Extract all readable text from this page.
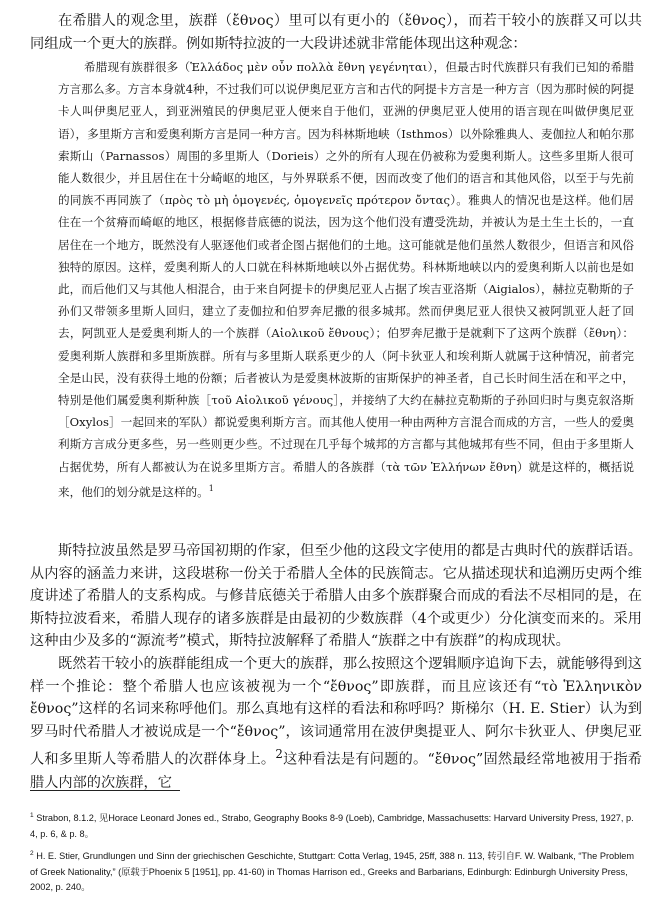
在希腊人的观念里，族群（ἔθνος）里可以有更小的（ἔθνος），而若干较小的族群又可以共同组成一个更大的族群。例如斯特拉波的一大段讲述就非常能体现出这种观念：

希腊现有族群很多（Ἑλλάδος μὲν οὖν πολλὰ ἔθνη γεγένηται），但最古时代族群只有我们已知的希腊方言那么多。方言本身就4种，不过我们可以说伊奥尼亚方言和古代的阿提卡方言是一种方言（因为那时候的阿提卡人叫伊奥尼亚人，到亚洲殖民的伊奥尼亚人便来自于他们，亚洲的伊奥尼亚人使用的语言现在叫做伊奥尼亚语），多里斯方言和爱奥利斯方言是同一种方言。因为科林斯地峡（Isthmos）以外除雅典人、麦伽拉人和帕尔那索斯山（Parnassos）周围的多里斯人（Dorieis）之外的所有人现在仍被称为爱奥利斯人。这些多里斯人很可能人数很少，并且居住在十分崎岖的地区，与外界联系不便，因而改变了他们的语言和其他风俗，以至于与先前的同族不再同族了（πρὸς τὸ μὴ ὁμογενές, ὁμογενεῖς πρότερον ὄντας）。雅典人的情况也是这样。他们居住在一个贫瘠而崎岖的地区，根据修昔底德的说法，因为这个他们没有遭受洗劫，并被认为是土生土长的，一直居住在一个地方，既然没有人驱逐他们或者企图占据他们的土地。这可能就是他们虽然人数很少，但语言和风俗独特的原因。这样，爱奥利斯人的人口就在科林斯地峡以外占据优势。科林斯地峡以内的爱奥利斯人以前也是如此，而后他们又与其他人相混合，由于来自阿提卡的伊奥尼亚人占据了埃吉亚洛斯（Aigialos），赫拉克勒斯的子孙们又带领多里斯人回归，建立了麦伽拉和伯罗奔尼撒的很多城邦。然而伊奥尼亚人很快又被阿凯亚人赶了回去，阿凯亚人是爱奥利斯人的一个族群（Αἰολικοῦ ἔθνους）；伯罗奔尼撒于是就剩下了这两个族群（ἔθνη）：爱奥利斯人族群和多里斯族群。所有与多里斯人联系更少的人（阿卡狄亚人和埃利斯人就属于这种情况，前者完全是山民，没有获得土地的份额；后者被认为是爱奥林波斯的宙斯保护的神圣者，自己长时间生活在和平之中，特别是他们属爱奥利斯种族［τοῦ Αἰολικοῦ γένους］，并接纳了大约在赫拉克勒斯的子孙回归时与奥克叙洛斯［Oxylos］一起回来的军队）都说爱奥利斯方言。而其他人使用一种由两种方言混合而成的方言，一些人的爱奥利斯方言成分更多些，另一些则更少些。不过现在几乎每个城邦的方言都与其他城邦有些不同，但由于多里斯人占据优势，所有人都被认为在说多里斯方言。希腊人的各族群（τὰ τῶν Ἑλλήνων ἔθνη）就是这样的，概括说来，他们的划分就是这样的。$^1$

斯特拉波虽然是罗马帝国初期的作家，但至少他的这段文字使用的都是古典时代的族群话语。从内容的涵盖力来讲，这段堪称一份关于希腊人全体的民族简志。它从描述现状和追溯历史两个维度讲述了希腊人的支系构成。与修昔底德关于希腊人由多个族群聚合而成的看法不尽相同的是，在斯特拉波看来，希腊人现存的诸多族群是由最初的少数族群（4个或更少）分化演变而来的。采用这种由少及多的“源流考”模式，斯特拉波解释了希腊人“族群之中有族群”的构成现状。

既然若干较小的族群能组成一个更大的族群，那么按照这个逻辑顺序追询下去，就能够得到这样一个推论：整个希腊人也应该被视为一个“ἔθνος”即族群，而且应该还有“τὸ Ἑλληνικὸν ἔθνος”这样的名词来称呼他们。那么真地有这样的看法和称呼吗？斯梯尔（H. E. Stier）认为到罗马时代希腊人才被说成是一个“ἔθνος”，该词通常用在波伊奥提亚人、阿尔卡狄亚人、伊奥尼亚人和多里斯人等希腊人的次群体身上。$^2$这种看法是有问题的。“ἔθνος”固然最经常地被用于指希腊人内部的次族群，它

$^1$ Strabon, 8.1.2, 见Horace Leonard Jones ed., Strabo, Geography Books 8-9 (Loeb), Cambridge, Massachusetts: Harvard University Press, 1927, p. 4, p. 6, & p. 8。

$^2$ H. E. Stier, Grundlungen und Sinn der griechischen Geschichte, Stuttgart: Cotta Verlag, 1945, 25ff, 388 n. 113, 转引自F. W. Walbank, “The Problem of Greek Nationality,” (原载于Phoenix 5 [1951], pp. 41-60) in Thomas Harrison ed., Greeks and Barbarians, Edinburgh: Edinburgh University Press, 2002, p. 240。
